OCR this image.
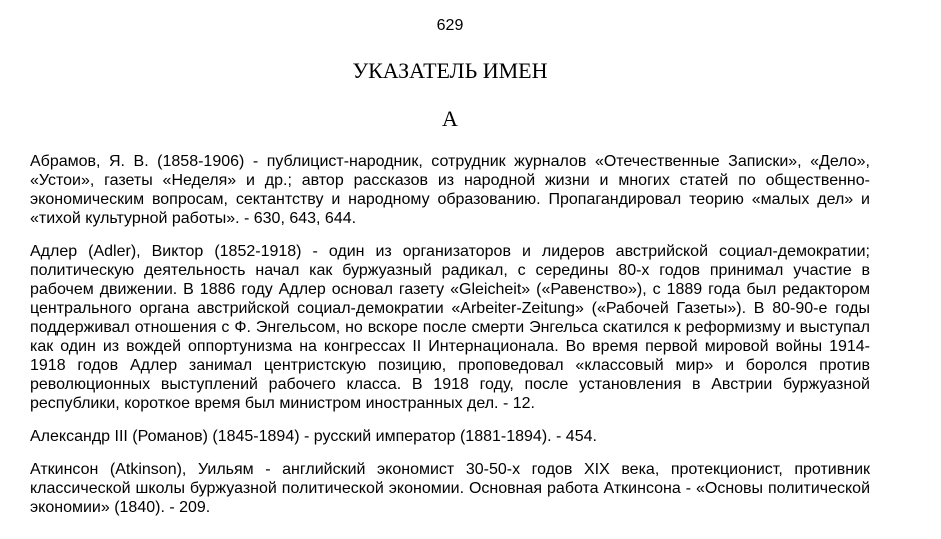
629
УКАЗАТЕЛЬ ИМЕН
А

Абрамов, Я. В. (1858-1906) - публицист-народник, сотрудник журналов «Отечественные Записки», «Дело», «Устои», газеты «Неделя» и др.; автор рассказов из народной жизни и многих статей по общественно-экономическим вопросам, сектантству и народному образованию. Пропагандировал теорию «малых дел» и «тихой культурной работы». - 630, 643, 644.

Адлер (Adler), Виктор (1852-1918) - один из организаторов и лидеров австрийской социал-демократии; политическую деятельность начал как буржуазный радикал, с середины 80-х годов принимал участие в рабочем движении. В 1886 году Адлер основал газету «Gleicheit» («Равенство»), с 1889 года был редактором центрального органа австрийской социал-демократии «Arbeiter-Zeitung» («Рабочей Газеты»). В 80-90-е годы поддерживал отношения с Ф. Энгельсом, но вскоре после смерти Энгельса скатился к реформизму и выступал как один из вождей оппортунизма на конгрессах II Интернационала. Во время первой мировой войны 1914-1918 годов Адлер занимал центристскую позицию, проповедовал «классовый мир» и боролся против революционных выступлений рабочего класса. В 1918 году, после установления в Австрии буржуазной республики, короткое время был министром иностранных дел. - 12.

Александр III (Романов) (1845-1894) - русский император (1881-1894). - 454.

Аткинсон (Atkinson), Уильям - английский экономист 30-50-х годов XIX века, протекционист, противник классической школы буржуазной политической экономии. Основная работа Аткинсона - «Основы политической экономии» (1840). - 209.
